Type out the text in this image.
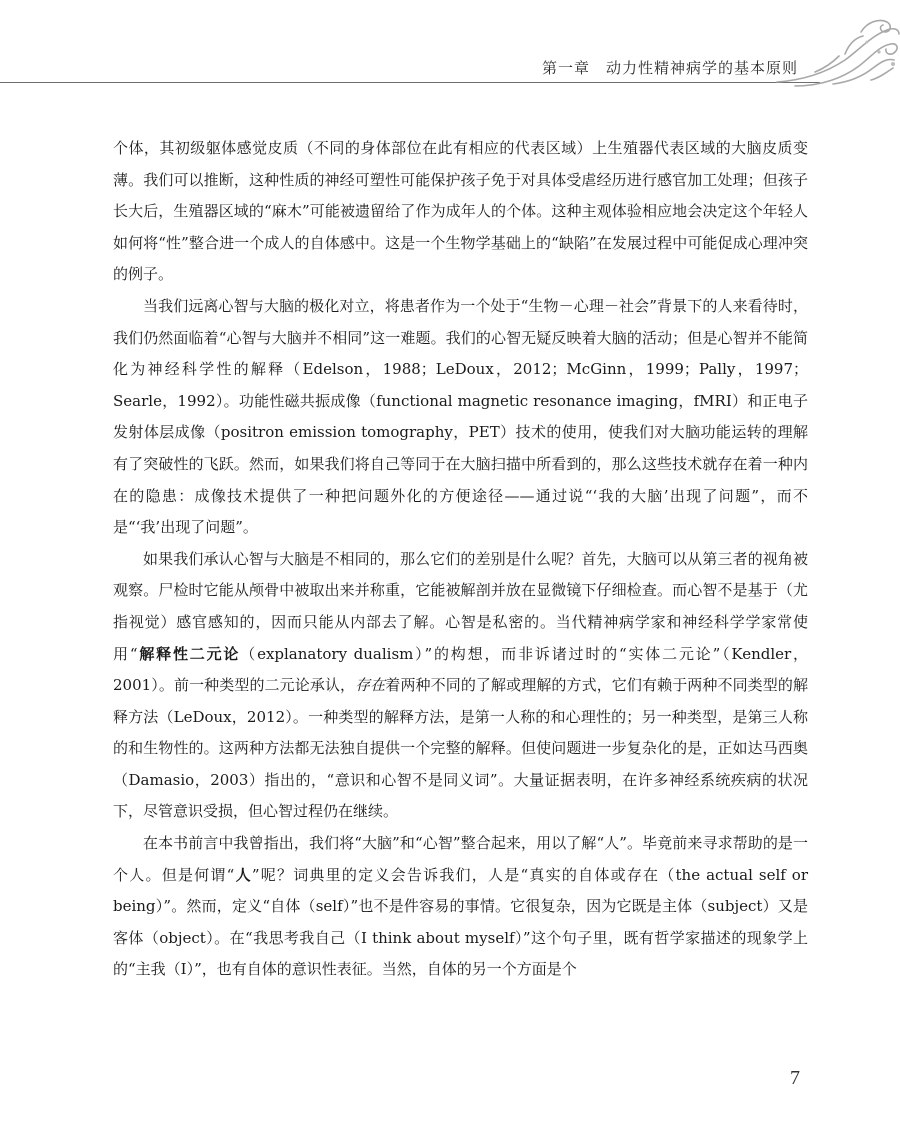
第一章　动力性精神病学的基本原则

个体，其初级躯体感觉皮质（不同的身体部位在此有相应的代表区域）上生殖器代表区域的大脑皮质变薄。我们可以推断，这种性质的神经可塑性可能保护孩子免于对具体受虐经历进行感官加工处理；但孩子长大后，生殖器区域的“麻木”可能被遗留给了作为成年人的个体。这种主观体验相应地会决定这个年轻人如何将“性”整合进一个成人的自体感中。这是一个生物学基础上的“缺陷”在发展过程中可能促成心理冲突的例子。

当我们远离心智与大脑的极化对立，将患者作为一个处于“生物－心理－社会”背景下的人来看待时，我们仍然面临着“心智与大脑并不相同”这一难题。我们的心智无疑反映着大脑的活动；但是心智并不能简化为神经科学性的解释（Edelson，1988；LeDoux，2012；McGinn，1999；Pally，1997；Searle，1992）。功能性磁共振成像（functional magnetic resonance imaging，fMRI）和正电子发射体层成像（positron emission tomography，PET）技术的使用，使我们对大脑功能运转的理解有了突破性的飞跃。然而，如果我们将自己等同于在大脑扫描中所看到的，那么这些技术就存在着一种内在的隐患：成像技术提供了一种把问题外化的方便途径——通过说“‘我的大脑’出现了问题”，而不是“‘我’出现了问题”。

如果我们承认心智与大脑是不相同的，那么它们的差别是什么呢？首先，大脑可以从第三者的视角被观察。尸检时它能从颅骨中被取出来并称重，它能被解剖并放在显微镜下仔细检查。而心智不是基于（尤指视觉）感官感知的，因而只能从内部去了解。心智是私密的。当代精神病学家和神经科学学家常使用“解释性二元论（explanatory dualism）”的构想，而非诉诸过时的“实体二元论”（Kendler，2001）。前一种类型的二元论承认，存在着两种不同的了解或理解的方式，它们有赖于两种不同类型的解释方法（LeDoux，2012）。一种类型的解释方法，是第一人称的和心理性的；另一种类型，是第三人称的和生物性的。这两种方法都无法独自提供一个完整的解释。但使问题进一步复杂化的是，正如达马西奥（Damasio，2003）指出的，“意识和心智不是同义词”。大量证据表明，在许多神经系统疾病的状况下，尽管意识受损，但心智过程仍在继续。

在本书前言中我曾指出，我们将“大脑”和“心智”整合起来，用以了解“人”。毕竟前来寻求帮助的是一个人。但是何谓“人”呢？词典里的定义会告诉我们，人是“真实的自体或存在（the actual self or being）”。然而，定义“自体（self）”也不是件容易的事情。它很复杂，因为它既是主体（subject）又是客体（object）。在“我思考我自己（I think about myself）”这个句子里，既有哲学家描述的现象学上的“主我（I）”，也有自体的意识性表征。当然，自体的另一个方面是个

7
